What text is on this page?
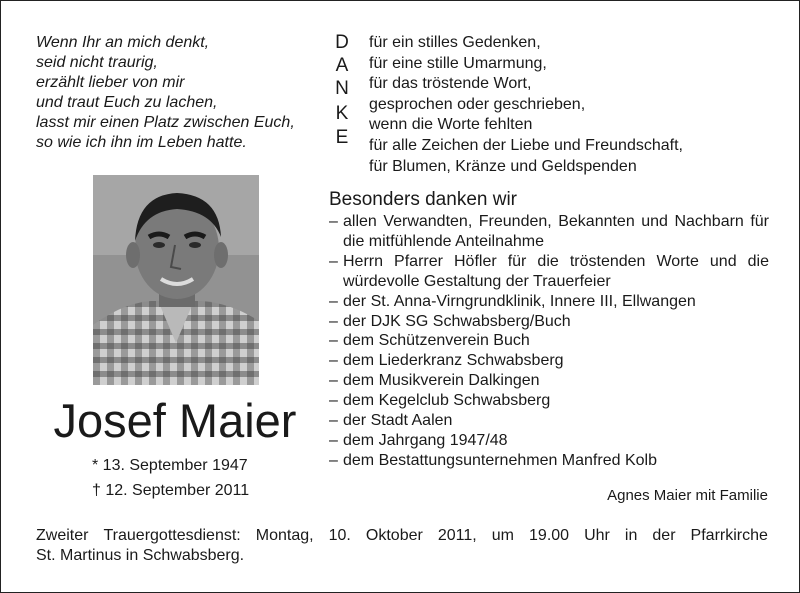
Wenn Ihr an mich denkt,
seid nicht traurig,
erzählt lieber von mir
und traut Euch zu lachen,
lasst mir einen Platz zwischen Euch,
so wie ich ihn im Leben hatte.
D
A
N
K
E
für ein stilles Gedenken,
für eine stille Umarmung,
für das tröstende Wort,
gesprochen oder geschrieben,
wenn die Worte fehlten
für alle Zeichen der Liebe und Freundschaft,
für Blumen, Kränze und Geldspenden
Josef Maier
* 13. September 1947
† 12. September 2011
Besonders danken wir
– allen Verwandten, Freunden, Bekannten und Nachbarn für die mitfühlende Anteilnahme
– Herrn Pfarrer Höfler für die tröstenden Worte und die würdevolle Gestaltung der Trauerfeier
– der St. Anna-Virngrundklinik, Innere III, Ellwangen
– der DJK SG Schwabsberg/Buch
– dem Schützenverein Buch
– dem Liederkranz Schwabsberg
– dem Musikverein Dalkingen
– dem Kegelclub Schwabsberg
– der Stadt Aalen
– dem Jahrgang 1947/48
– dem Bestattungsunternehmen Manfred Kolb
Agnes Maier mit Familie
Zweiter Trauergottesdienst: Montag, 10. Oktober 2011, um 19.00 Uhr in der Pfarrkirche
St. Martinus in Schwabsberg.
